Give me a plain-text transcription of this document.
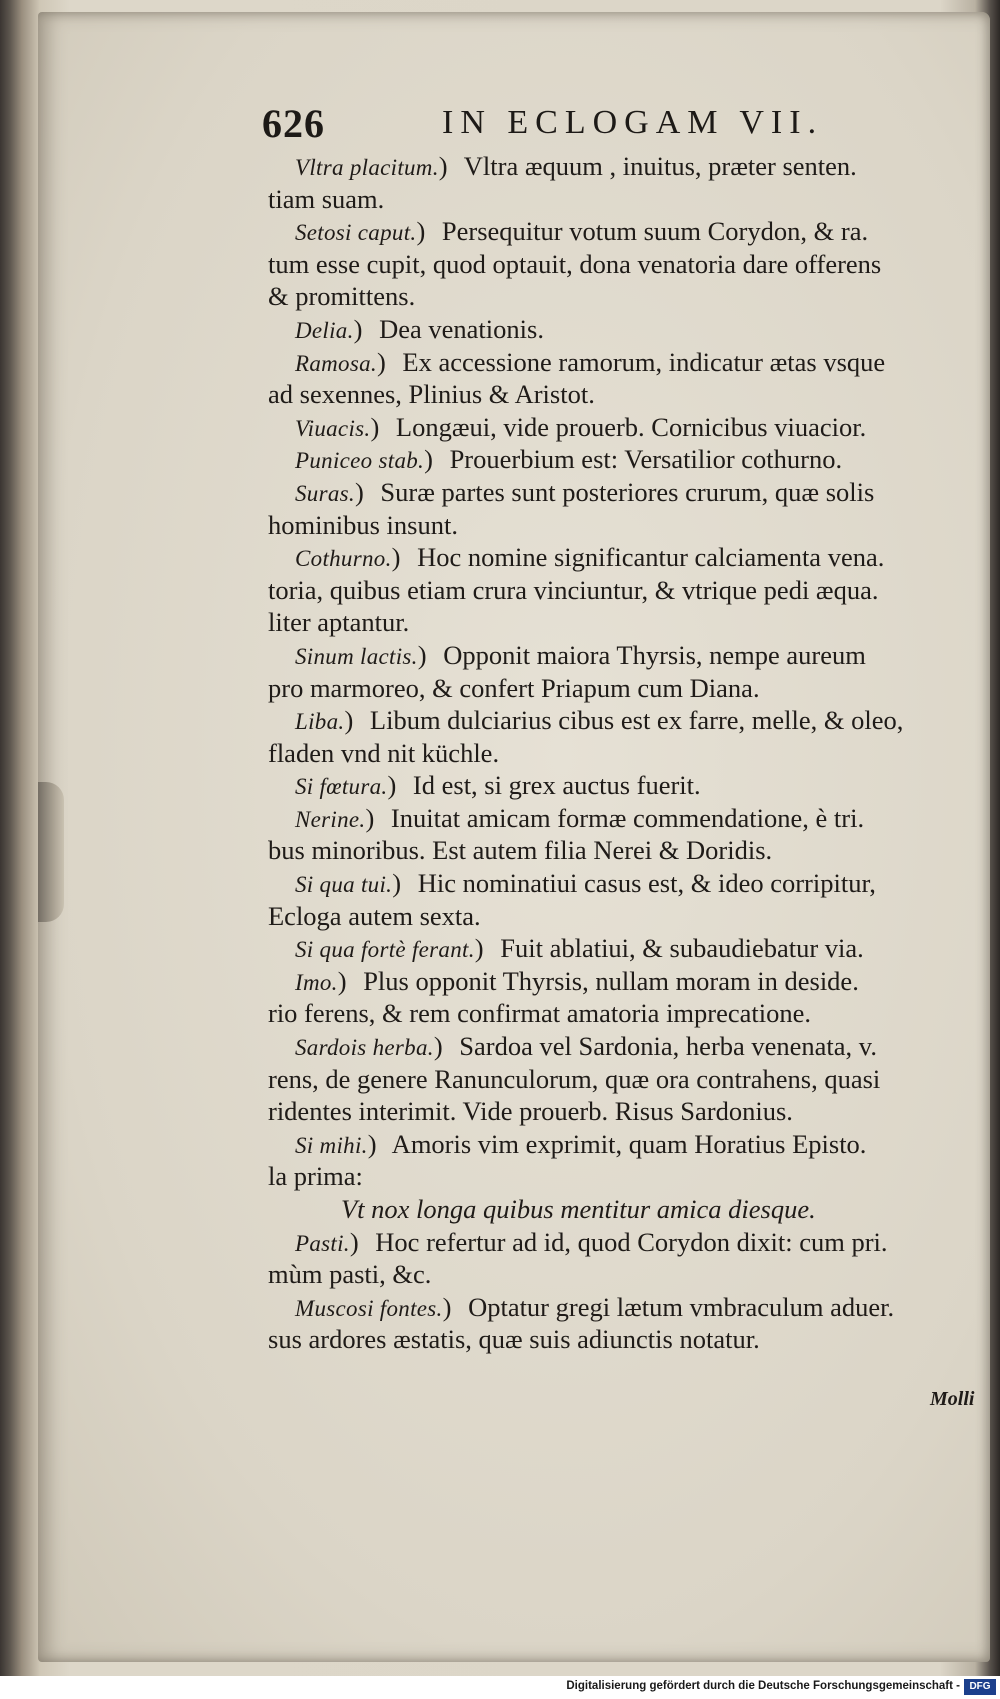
626	IN ECLOGAM VII.
Vltra placitum.) Vltra æquum , inuitus, præter senten.
tiam suam.
Setosi caput.) Persequitur votum suum Corydon, & ra.
tum esse cupit, quod optauit, dona venatoria dare offerens
& promittens.
Delia.) Dea venationis.
Ramosa.) Ex accessione ramorum, indicatur ætas vsque
ad sexennes, Plinius & Aristot.
Viuacis.) Longæui, vide prouerb. Cornicibus viuacior.
Puniceo stab.) Prouerbium est: Versatilior cothurno.
Suras.) Suræ partes sunt posteriores crurum, quæ solis
hominibus insunt.
Cothurno.) Hoc nomine significantur calciamenta vena.
toria, quibus etiam crura vinciuntur, & vtrique pedi æqua.
liter aptantur.
Sinum lactis.) Opponit maiora Thyrsis, nempe aureum
pro marmoreo, & confert Priapum cum Diana.
Liba.) Libum dulciarius cibus est ex farre, melle, & oleo,
fladen vnd nit küchle.
Si fœtura.) Id est, si grex auctus fuerit.
Nerine.) Inuitat amicam formæ commendatione, è tri.
bus minoribus. Est autem filia Nerei & Doridis.
Si qua tui.) Hic nominatiui casus est, & ideo corripitur,
Ecloga autem sexta.
Si qua fortè ferant.) Fuit ablatiui, & subaudiebatur via.
Imo.) Plus opponit Thyrsis, nullam moram in deside.
rio ferens, & rem confirmat amatoria imprecatione.
Sardois herba.) Sardoa vel Sardonia, herba venenata, v.
rens, de genere Ranunculorum, quæ ora contrahens, quasi
ridentes interimit. Vide prouerb. Risus Sardonius.
Si mihi.) Amoris vim exprimit, quam Horatius Episto.
la prima:
Vt nox longa quibus mentitur amica diesque.
Pasti.) Hoc refertur ad id, quod Corydon dixit: cum pri.
mùm pasti, &c.
Muscosi fontes.) Optatur gregi lætum vmbraculum aduer.
sus ardores æstatis, quæ suis adiunctis notatur.
Molli
Digitalisierung gefördert durch die Deutsche Forschungsgemeinschaft - DFG
